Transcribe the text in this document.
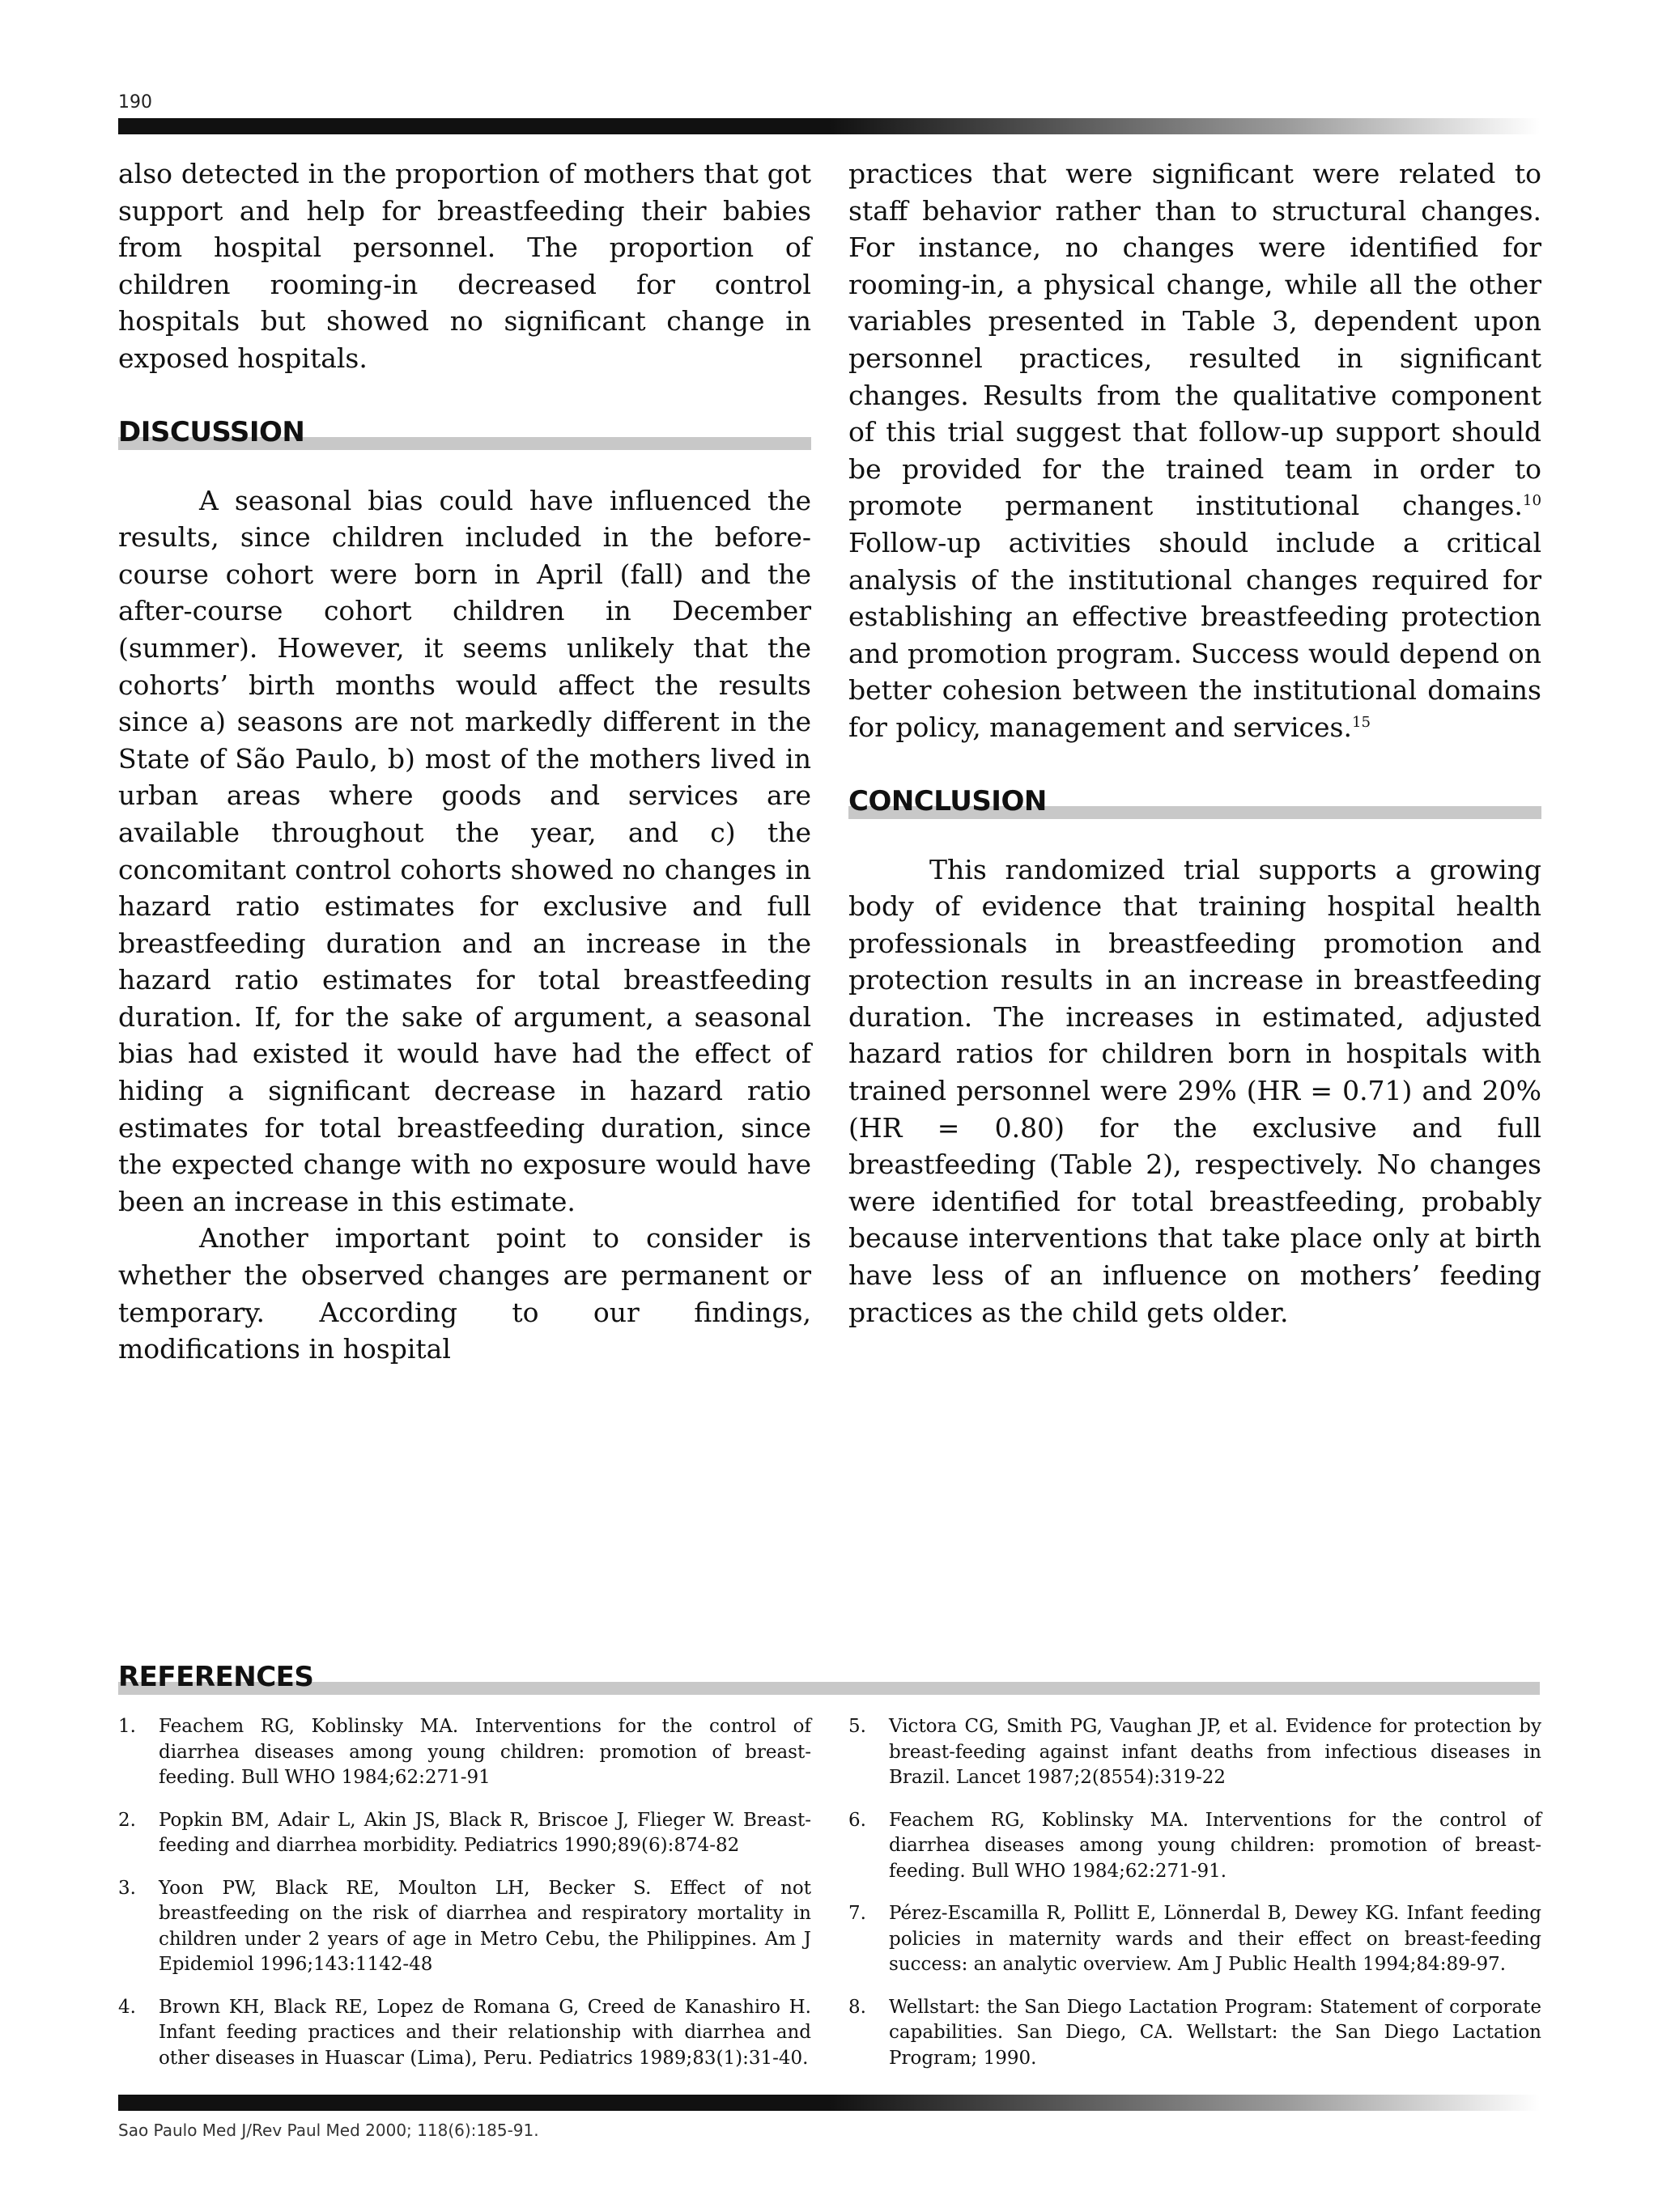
190

also detected in the proportion of mothers that got support and help for breastfeeding their babies from hospital personnel. The proportion of children rooming-in decreased for control hospitals but showed no significant change in exposed hospitals.

DISCUSSION

A seasonal bias could have influenced the results, since children included in the before-course cohort were born in April (fall) and the after-course cohort children in December (summer). However, it seems unlikely that the cohorts’ birth months would affect the results since a) seasons are not markedly different in the State of São Paulo, b) most of the mothers lived in urban areas where goods and services are available throughout the year, and c) the concomitant control cohorts showed no changes in hazard ratio estimates for exclusive and full breastfeeding duration and an increase in the hazard ratio estimates for total breastfeeding duration. If, for the sake of argument, a seasonal bias had existed it would have had the effect of hiding a significant decrease in hazard ratio estimates for total breastfeeding duration, since the expected change with no exposure would have been an increase in this estimate.

Another important point to consider is whether the observed changes are permanent or temporary. According to our findings, modifications in hospital

practices that were significant were related to staff behavior rather than to structural changes. For instance, no changes were identified for rooming-in, a physical change, while all the other variables presented in Table 3, dependent upon personnel practices, resulted in significant changes. Results from the qualitative component of this trial suggest that follow-up support should be provided for the trained team in order to promote permanent institutional changes.$^{10}$ Follow-up activities should include a critical analysis of the institutional changes required for establishing an effective breastfeeding protection and promotion program. Success would depend on better cohesion between the institutional domains for policy, management and services.$^{15}$

CONCLUSION

This randomized trial supports a growing body of evidence that training hospital health professionals in breastfeeding promotion and protection results in an increase in breastfeeding duration. The increases in estimated, adjusted hazard ratios for children born in hospitals with trained personnel were 29% (HR = 0.71) and 20% (HR = 0.80) for the exclusive and full breastfeeding (Table 2), respectively. No changes were identified for total breastfeeding, probably because interventions that take place only at birth have less of an influence on mothers’ feeding practices as the child gets older.

REFERENCES
1.	Feachem RG, Koblinsky MA. Interventions for the control of diarrhea diseases among young children: promotion of breast-feeding. Bull WHO 1984;62:271-91
2.	Popkin BM, Adair L, Akin JS, Black R, Briscoe J, Flieger W. Breast-feeding and diarrhea morbidity. Pediatrics 1990;89(6):874-82
3.	Yoon PW, Black RE, Moulton LH, Becker S. Effect of not breastfeeding on the risk of diarrhea and respiratory mortality in children under 2 years of age in Metro Cebu, the Philippines. Am J Epidemiol 1996;143:1142-48
4.	Brown KH, Black RE, Lopez de Romana G, Creed de Kanashiro H. Infant feeding practices and their relationship with diarrhea and other diseases in Huascar (Lima), Peru. Pediatrics 1989;83(1):31-40.
5.	Victora CG, Smith PG, Vaughan JP, et al. Evidence for protection by breast-feeding against infant deaths from infectious diseases in Brazil. Lancet 1987;2(8554):319-22
6.	Feachem RG, Koblinsky MA. Interventions for the control of diarrhea diseases among young children: promotion of breast-feeding. Bull WHO 1984;62:271-91.
7.	Pérez-Escamilla R, Pollitt E, Lönnerdal B, Dewey KG. Infant feeding policies in maternity wards and their effect on breast-feeding success: an analytic overview. Am J Public Health 1994;84:89-97.
8.	Wellstart: the San Diego Lactation Program: Statement of corporate capabilities. San Diego, CA. Wellstart: the San Diego Lactation Program; 1990.
Sao Paulo Med J/Rev Paul Med 2000; 118(6):185-91.
